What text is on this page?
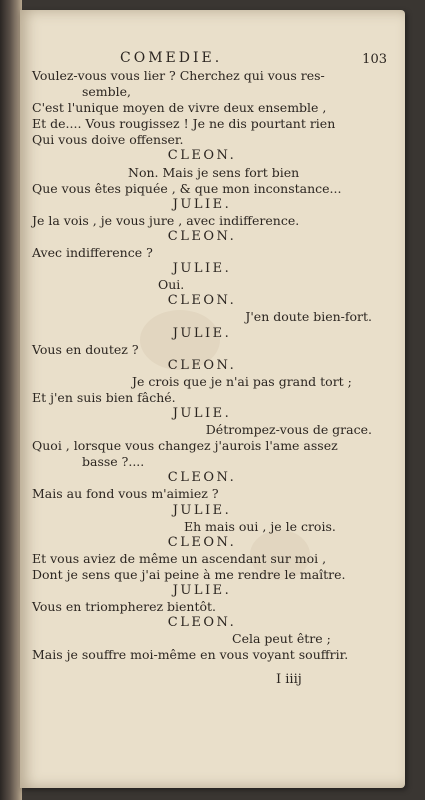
COMEDIE.	103
Voulez-vous vous lier ? Cherchez qui vous res-
semble,
C'est l'unique moyen de vivre deux ensemble ,
Et de.... Vous rougissez ! Je ne dis pourtant rien
Qui vous doive offenser.
CLEON.
Non. Mais je sens fort bien
Que vous êtes piquée , & que mon inconstance...
JULIE.
Je la vois , je vous jure , avec indifference.
CLEON.
Avec indifference ?
JULIE.
Oui.
CLEON.
J'en doute bien-fort.
JULIE.
Vous en doutez ?
CLEON.
Je crois que je n'ai pas grand tort ;
Et j'en suis bien fâché.
JULIE.
Détrompez-vous de grace.
Quoi , lorsque vous changez j'aurois l'ame assez
basse ?....
CLEON.
Mais au fond vous m'aimiez ?
JULIE.
Eh mais oui , je le crois.
CLEON.
Et vous aviez de même un ascendant sur moi ,
Dont je sens que j'ai peine à me rendre le maître.
JULIE.
Vous en triompherez bientôt.
CLEON.
Cela peut être ;
Mais je souffre moi-même en vous voyant souffrir.
I iiij
